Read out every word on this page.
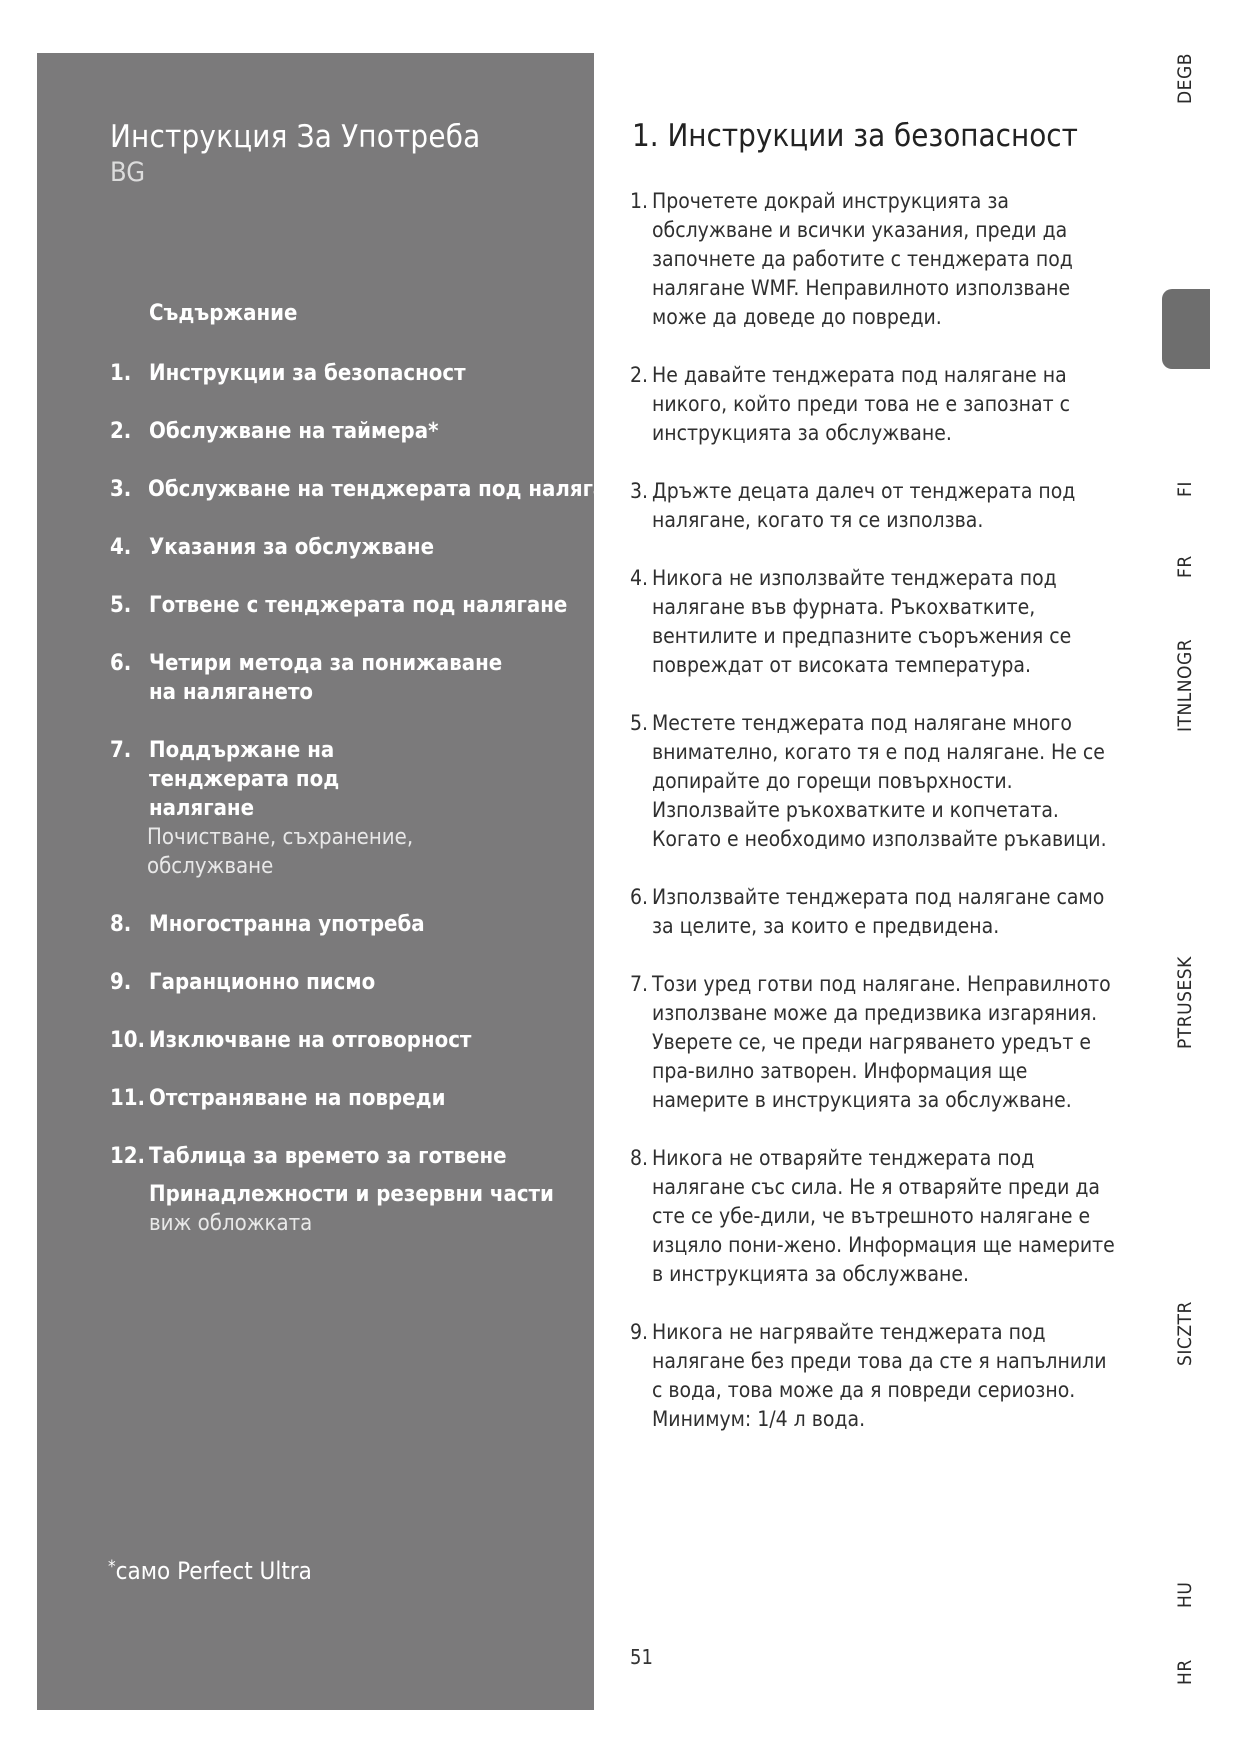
Инструкция За Употреба
BG
Съдържание
1. Инструкции за безопасност
2. Обслужване на таймера*
3. Обслужване на тенджерата под налягане
4. Указания за обслужване
5. Готвене с тенджерата под налягане
6. Четири метода за понижаване на налягането
7. Поддържане на тенджерата под налягане
Почистване, съхранение, обслужване
8. Многостранна употреба
9. Гаранционно писмо
10. Изключване на отговорност
11. Отстраняване на повреди
12. Таблица за времето за готвене
Принадлежности и резервни части
виж обложката
*само Perfect Ultra
1. Инструкции за безопасност
1. Прочетете докрай инструкцията за обслужване и всички указания, преди да започнете да работите с тенджерата под налягане WMF. Неправилното използване може да доведе до повреди.
2. Не давайте тенджерата под налягане на никого, който преди това не е запознат с инструкцията за обслужване.
3. Дръжте децата далеч от тенджерата под налягане, когато тя се използва.
4. Никога не използвайте тенджерата под налягане във фурната. Ръкохватките, вентилите и предпазните съоръжения се повреждат от високата температура.
5. Местете тенджерата под налягане много внимателно, когато тя е под налягане. Не се допирайте до горещи повърхности. Използвайте ръкохватките и копчетата. Когато е необходимо използвайте ръкавици.
6. Използвайте тенджерата под налягане само за целите, за които е предвидена.
7. Този уред готви под налягане. Неправилното използване може да предизвика изгаряния. Уверете се, че преди нагряването уредът е пра-вилно затворен. Информация ще намерите в инструкцията за обслужване.
8. Никога не отваряйте тенджерата под налягане със сила. Не я отваряйте преди да сте се убе-дили, че вътрешното налягане е изцяло пони-жено. Информация ще намерите в инструкцията за обслужване.
9. Никога не нагрявайте тенджерата под налягане без преди това да сте я напълнили с вода, това може да я повреди сериозно.
Минимум: 1/4 л вода.
51
DEGB
FI
FR
ITNLNOGR
PTRUSESK
SICZTR
HU
HR
